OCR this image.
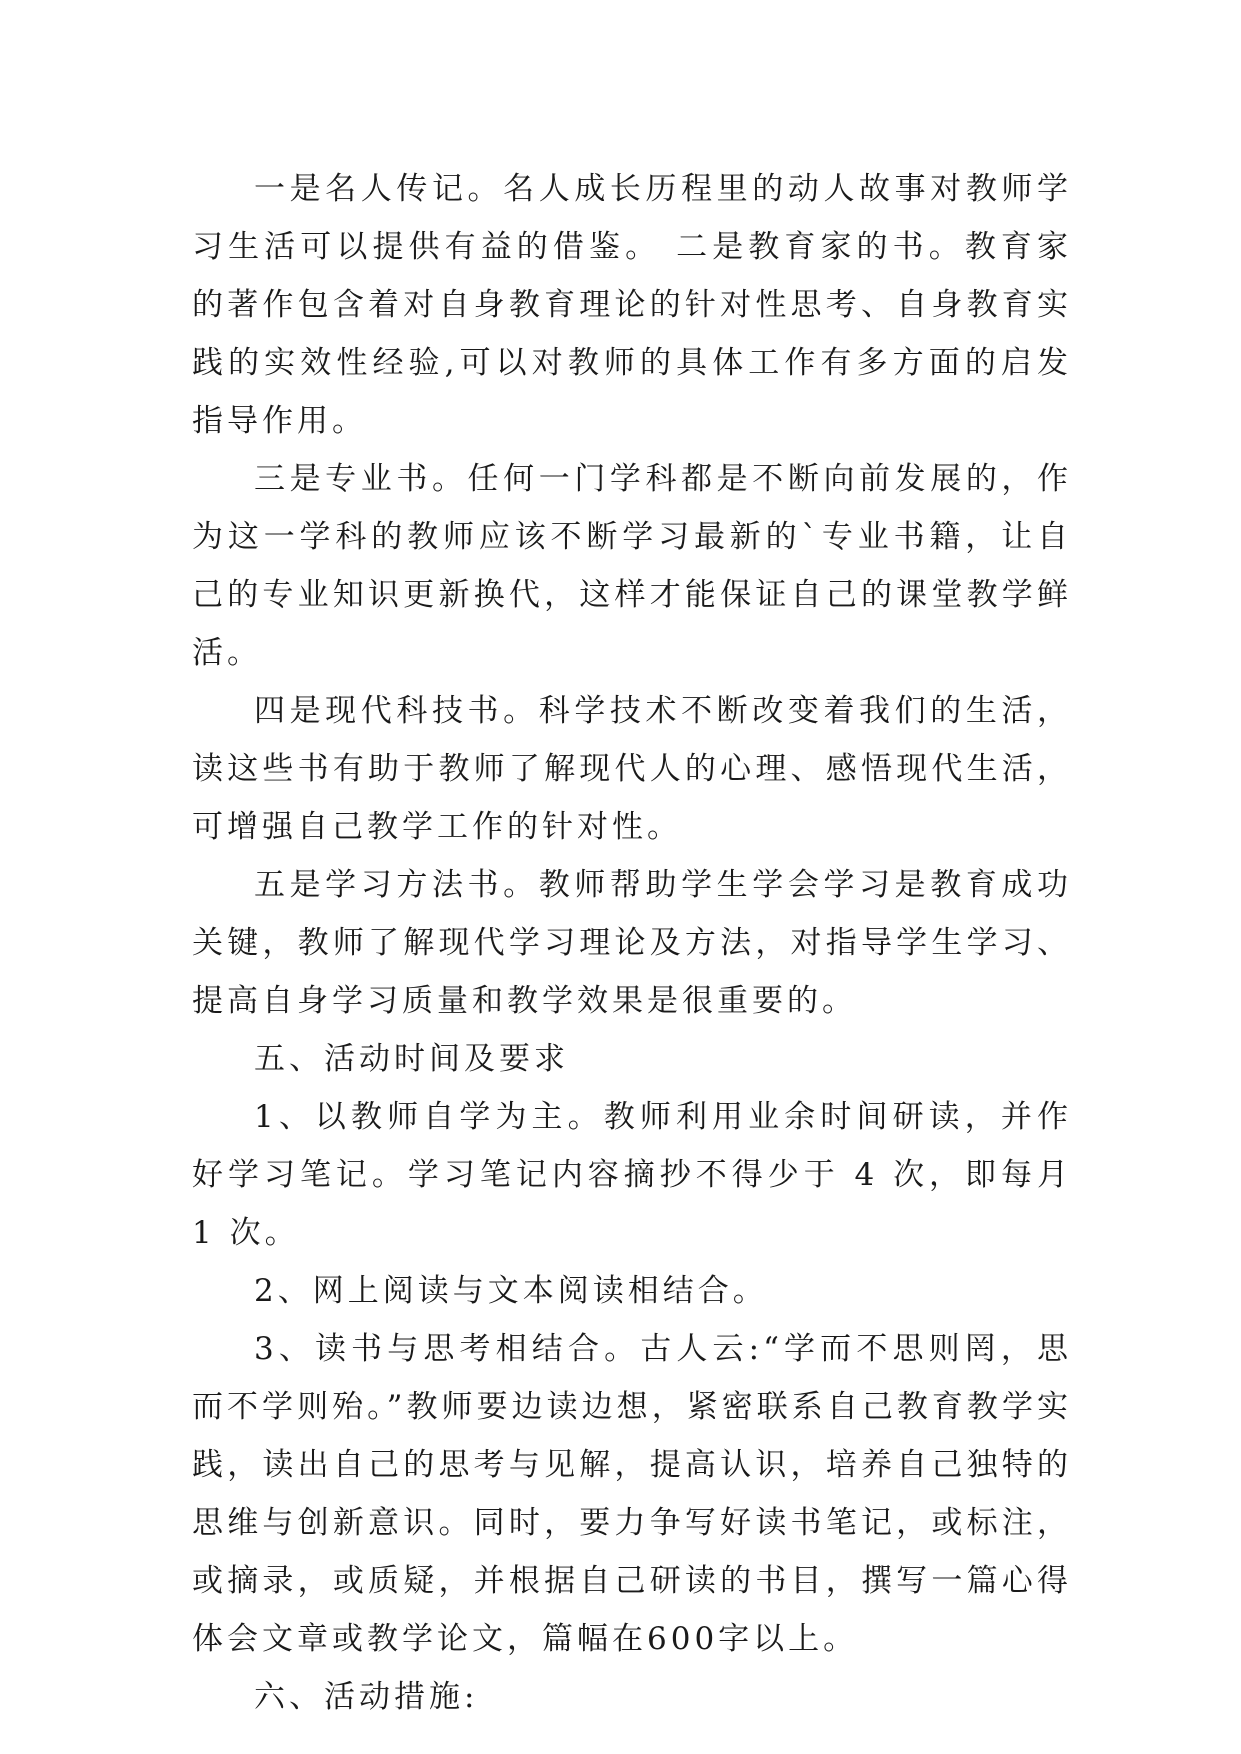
一是名人传记。名人成长历程里的动人故事对教师学习生活可以提供有益的借鉴。 二是教育家的书。教育家的著作包含着对自身教育理论的针对性思考、自身教育实践的实效性经验,可以对教师的具体工作有多方面的启发指导作用。

三是专业书。任何一门学科都是不断向前发展的，作为这一学科的教师应该不断学习最新的`专业书籍，让自己的专业知识更新换代，这样才能保证自己的课堂教学鲜活。

四是现代科技书。科学技术不断改变着我们的生活，读这些书有助于教师了解现代人的心理、感悟现代生活，可增强自己教学工作的针对性。

五是学习方法书。教师帮助学生学会学习是教育成功关键，教师了解现代学习理论及方法，对指导学生学习、提高自身学习质量和教学效果是很重要的。

五、活动时间及要求

1、以教师自学为主。教师利用业余时间研读，并作好学习笔记。学习笔记内容摘抄不得少于 4 次，即每月 1 次。

2、网上阅读与文本阅读相结合。

3、读书与思考相结合。古人云:“学而不思则罔，思而不学则殆。”教师要边读边想，紧密联系自己教育教学实践，读出自己的思考与见解，提高认识，培养自己独特的思维与创新意识。同时，要力争写好读书笔记，或标注，或摘录，或质疑，并根据自己研读的书目，撰写一篇心得体会文章或教学论文，篇幅在600字以上。

六、活动措施:
